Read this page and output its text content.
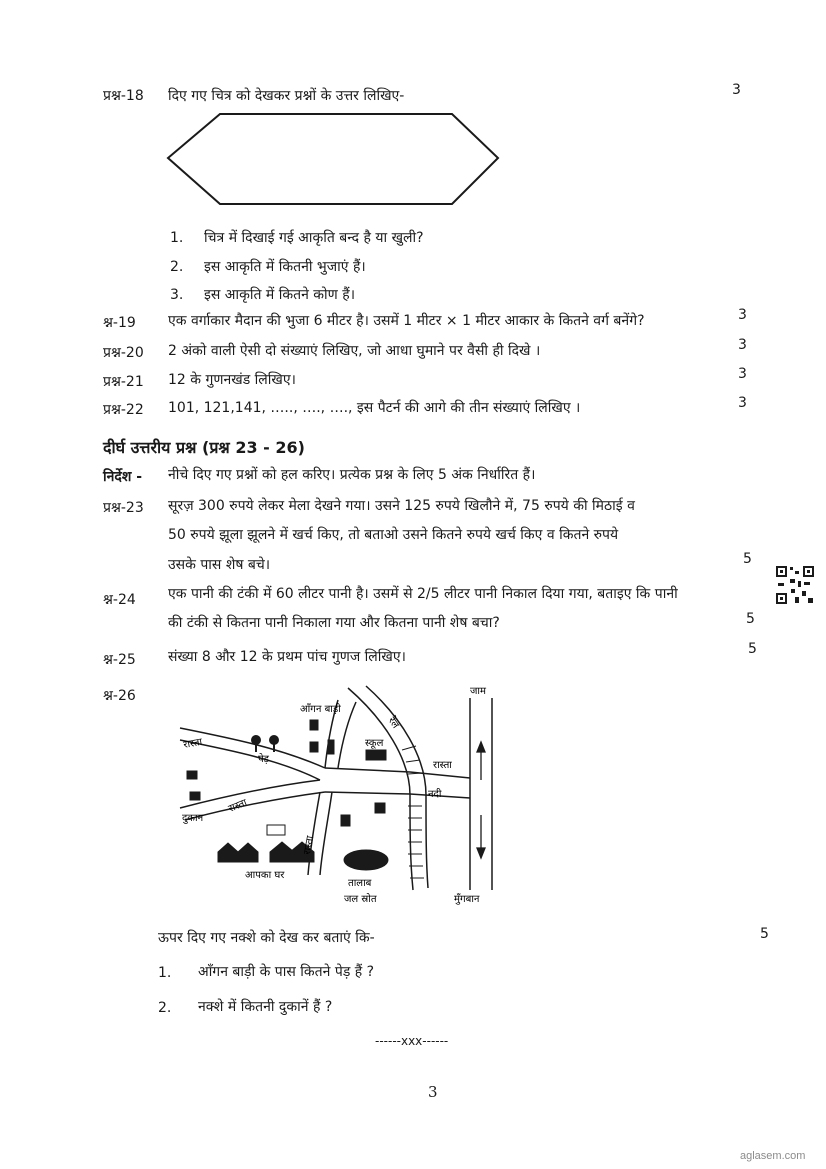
प्रश्न-18 दिए गए चित्र को देखकर प्रश्नों के उत्तर लिखिए-	3
1. चित्र में दिखाई गई आकृति बन्द है या खुली?
2. इस आकृति में कितनी भुजाएं हैं।
3. इस आकृति में कितने कोण हैं।
श्न-19 एक वर्गाकार मैदान की भुजा 6 मीटर है। उसमें 1 मीटर × 1 मीटर आकार के कितने वर्ग बनेंगे?	3
प्रश्न-20 2 अंको वाली ऐसी दो संख्याएं लिखिए, जो आधा घुमाने पर वैसी ही दिखे ।	3
प्रश्न-21 12 के गुणनखंड लिखिए।	3
प्रश्न-22 101, 121,141, ….., …., …., इस पैटर्न की आगे की तीन संख्याएं लिखिए ।	3
दीर्घ उत्तरीय प्रश्न (प्रश्न 23 - 26)
निर्देश - नीचे दिए गए प्रश्नों को हल करिए। प्रत्येक प्रश्न के लिए 5 अंक निर्धारित हैं।
प्रश्न-23 सूरज़ 300 रुपये लेकर मेला देखने गया। उसने 125 रुपये खिलौने में, 75 रुपये की मिठाई व
50 रुपये झूला झूलने में खर्च किए, तो बताओ उसने कितने रुपये खर्च किए व कितने रुपये
उसके पास शेष बचे।	5
श्न-24 एक पानी की टंकी में 60 लीटर पानी है। उसमें से 2/5 लीटर पानी निकाल दिया गया, बताइए कि पानी
की टंकी से कितना पानी निकाला गया और कितना पानी शेष बचा?	5
श्न-25 संख्या 8 और 12 के प्रथम पांच गुणज लिखिए।	5
श्न-26
आँगन बाड़ी
जाम
रास्ता
पेड़
स्कूल
रेल
रास्ता
नदी
दुकान
रास्ता
रास्ता
आपका घर
तालाब
जल स्रोत	मुँगबान
ऊपर दिए गए नक्शे को देख कर बताएं कि-	5
1. आँगन बाड़ी के पास कितने पेड़ हैं ?
2. नक्शे में कितनी दुकानें हैं ?
------xxx------
3
aglasem.com
